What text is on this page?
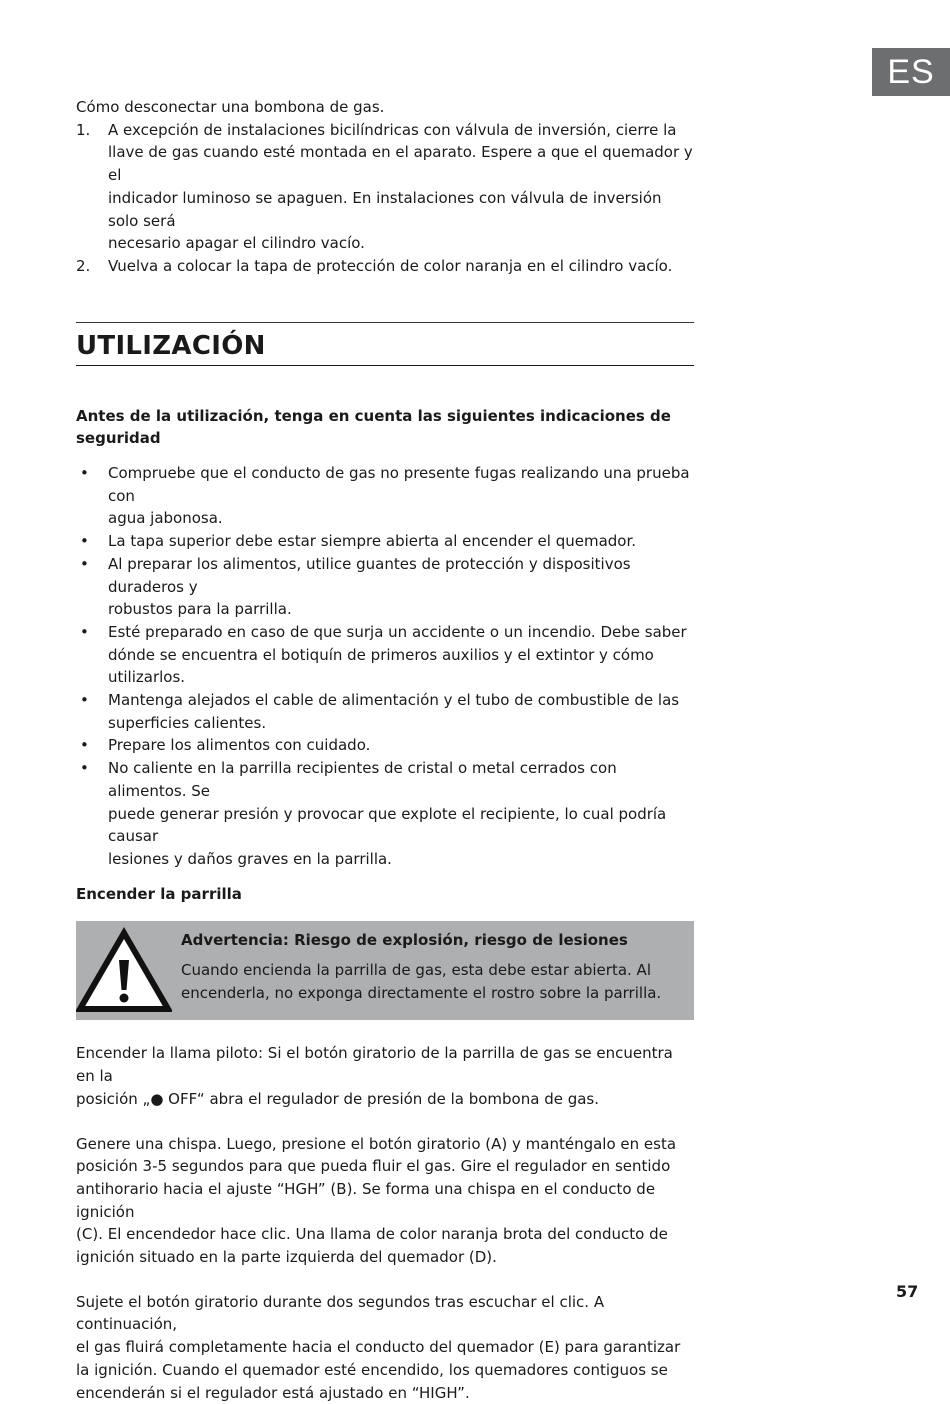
ES

Cómo desconectar una bombona de gas.

1. A excepción de instalaciones bicilíndricas con válvula de inversión, cierre la
llave de gas cuando esté montada en el aparato. Espere a que el quemador y el
indicador luminoso se apaguen. En instalaciones con válvula de inversión solo será
necesario apagar el cilindro vacío.
2. Vuelva a colocar la tapa de protección de color naranja en el cilindro vacío.
UTILIZACIÓN

Antes de la utilización, tenga en cuenta las siguientes indicaciones de seguridad

• Compruebe que el conducto de gas no presente fugas realizando una prueba con
agua jabonosa.
• La tapa superior debe estar siempre abierta al encender el quemador.
• Al preparar los alimentos, utilice guantes de protección y dispositivos duraderos y
robustos para la parrilla.
• Esté preparado en caso de que surja un accidente o un incendio. Debe saber
dónde se encuentra el botiquín de primeros auxilios y el extintor y cómo utilizarlos.
• Mantenga alejados el cable de alimentación y el tubo de combustible de las
superficies calientes.
• Prepare los alimentos con cuidado.
• No caliente en la parrilla recipientes de cristal o metal cerrados con alimentos. Se
puede generar presión y provocar que explote el recipiente, lo cual podría causar
lesiones y daños graves en la parrilla.

Encender la parrilla

Advertencia: Riesgo de explosión, riesgo de lesiones

Cuando encienda la parrilla de gas, esta debe estar abierta. Al

encenderla, no exponga directamente el rostro sobre la parrilla.

Encender la llama piloto: Si el botón giratorio de la parrilla de gas se encuentra en la
posición „● OFF“ abra el regulador de presión de la bombona de gas.
Genere una chispa. Luego, presione el botón giratorio (A) y manténgalo en esta
posición 3-5 segundos para que pueda fluir el gas. Gire el regulador en sentido
antihorario hacia el ajuste “HGH” (B). Se forma una chispa en el conducto de ignición
(C). El encendedor hace clic. Una llama de color naranja brota del conducto de
ignición situado en la parte izquierda del quemador (D).
Sujete el botón giratorio durante dos segundos tras escuchar el clic. A continuación,
el gas fluirá completamente hacia el conducto del quemador (E) para garantizar
la ignición. Cuando el quemador esté encendido, los quemadores contiguos se
encenderán si el regulador está ajustado en “HIGH”.
57
